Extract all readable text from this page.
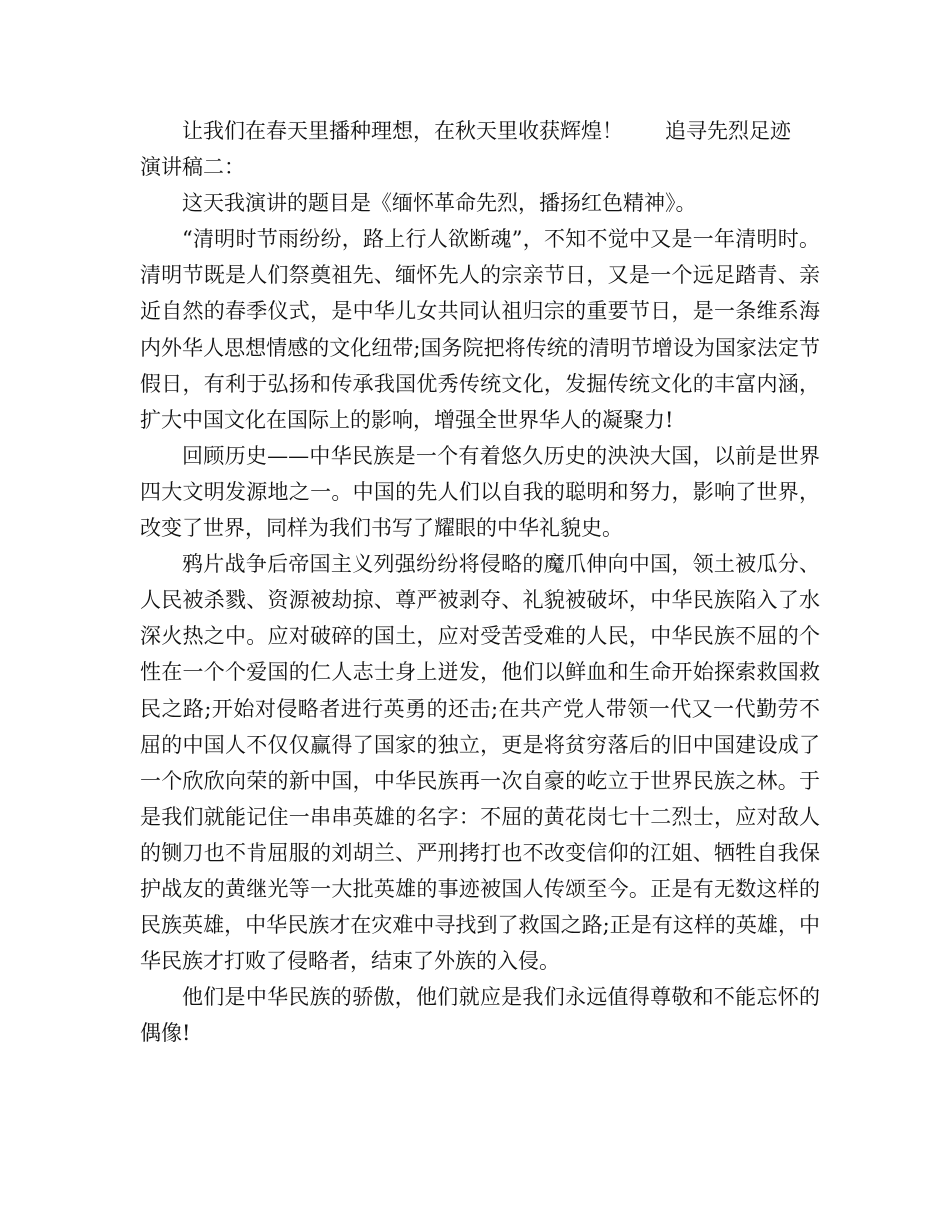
让我们在春天里播种理想，在秋天里收获辉煌！ 追寻先烈足迹

演讲稿二：

这天我演讲的题目是《缅怀革命先烈，播扬红色精神》。

“清明时节雨纷纷，路上行人欲断魂”，不知不觉中又是一年清明时。清明节既是人们祭奠祖先、缅怀先人的宗亲节日，又是一个远足踏青、亲近自然的春季仪式，是中华儿女共同认祖归宗的重要节日，是一条维系海内外华人思想情感的文化纽带;国务院把将传统的清明节增设为国家法定节假日，有利于弘扬和传承我国优秀传统文化，发掘传统文化的丰富内涵，扩大中国文化在国际上的影响，增强全世界华人的凝聚力!

回顾历史——中华民族是一个有着悠久历史的泱泱大国，以前是世界四大文明发源地之一。中国的先人们以自我的聪明和努力，影响了世界，改变了世界，同样为我们书写了耀眼的中华礼貌史。

鸦片战争后帝国主义列强纷纷将侵略的魔爪伸向中国，领土被瓜分、人民被杀戮、资源被劫掠、尊严被剥夺、礼貌被破坏，中华民族陷入了水深火热之中。应对破碎的国土，应对受苦受难的人民，中华民族不屈的个性在一个个爱国的仁人志士身上迸发，他们以鲜血和生命开始探索救国救民之路;开始对侵略者进行英勇的还击;在共产党人带领一代又一代勤劳不屈的中国人不仅仅赢得了国家的独立，更是将贫穷落后的旧中国建设成了一个欣欣向荣的新中国，中华民族再一次自豪的屹立于世界民族之林。于是我们就能记住一串串英雄的名字：不屈的黄花岗七十二烈士，应对敌人的铡刀也不肯屈服的刘胡兰、严刑拷打也不改变信仰的江姐、牺牲自我保护战友的黄继光等一大批英雄的事迹被国人传颂至今。正是有无数这样的民族英雄，中华民族才在灾难中寻找到了救国之路;正是有这样的英雄，中华民族才打败了侵略者，结束了外族的入侵。

他们是中华民族的骄傲，他们就应是我们永远值得尊敬和不能忘怀的偶像!
